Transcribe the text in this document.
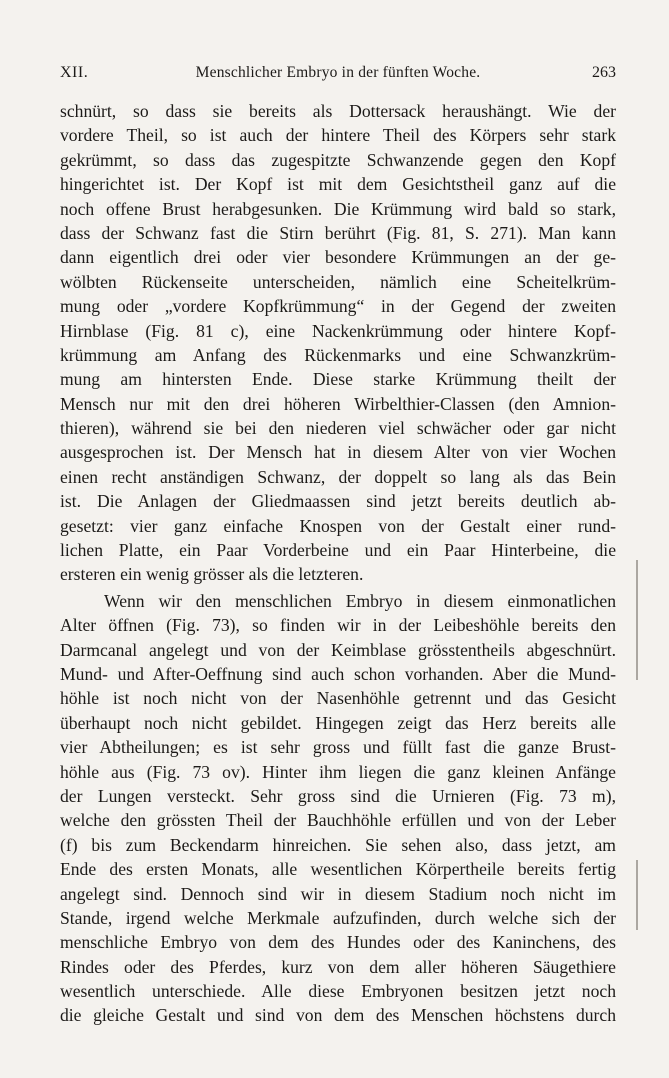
XII.	Menschlicher Embryo in der fünften Woche.	263
schnürt, so dass sie bereits als Dottersack heraushängt. Wie der
vordere Theil, so ist auch der hintere Theil des Körpers sehr stark
gekrümmt, so dass das zugespitzte Schwanzende gegen den Kopf
hingerichtet ist. Der Kopf ist mit dem Gesichtstheil ganz auf die
noch offene Brust herabgesunken. Die Krümmung wird bald so stark,
dass der Schwanz fast die Stirn berührt (Fig. 81, S. 271). Man kann
dann eigentlich drei oder vier besondere Krümmungen an der ge-
wölbten Rückenseite unterscheiden, nämlich eine Scheitelkrüm-
mung oder „vordere Kopfkrümmung“ in der Gegend der zweiten
Hirnblase (Fig. 81 c), eine Nackenkrümmung oder hintere Kopf-
krümmung am Anfang des Rückenmarks und eine Schwanzkrüm-
mung am hintersten Ende. Diese starke Krümmung theilt der
Mensch nur mit den drei höheren Wirbelthier-Classen (den Amnion-
thieren), während sie bei den niederen viel schwächer oder gar nicht
ausgesprochen ist. Der Mensch hat in diesem Alter von vier Wochen
einen recht anständigen Schwanz, der doppelt so lang als das Bein
ist. Die Anlagen der Gliedmaassen sind jetzt bereits deutlich ab-
gesetzt: vier ganz einfache Knospen von der Gestalt einer rund-
lichen Platte, ein Paar Vorderbeine und ein Paar Hinterbeine, die
ersteren ein wenig grösser als die letzteren.
Wenn wir den menschlichen Embryo in diesem einmonatlichen
Alter öffnen (Fig. 73), so finden wir in der Leibeshöhle bereits den
Darmcanal angelegt und von der Keimblase grösstentheils abgeschnürt.
Mund- und After-Oeffnung sind auch schon vorhanden. Aber die Mund-
höhle ist noch nicht von der Nasenhöhle getrennt und das Gesicht
überhaupt noch nicht gebildet. Hingegen zeigt das Herz bereits alle
vier Abtheilungen; es ist sehr gross und füllt fast die ganze Brust-
höhle aus (Fig. 73 ov). Hinter ihm liegen die ganz kleinen Anfänge
der Lungen versteckt. Sehr gross sind die Urnieren (Fig. 73 m),
welche den grössten Theil der Bauchhöhle erfüllen und von der Leber
(f) bis zum Beckendarm hinreichen. Sie sehen also, dass jetzt, am
Ende des ersten Monats, alle wesentlichen Körpertheile bereits fertig
angelegt sind. Dennoch sind wir in diesem Stadium noch nicht im
Stande, irgend welche Merkmale aufzufinden, durch welche sich der
menschliche Embryo von dem des Hundes oder des Kaninchens, des
Rindes oder des Pferdes, kurz von dem aller höheren Säugethiere
wesentlich unterschiede. Alle diese Embryonen besitzen jetzt noch
die gleiche Gestalt und sind von dem des Menschen höchstens durch
